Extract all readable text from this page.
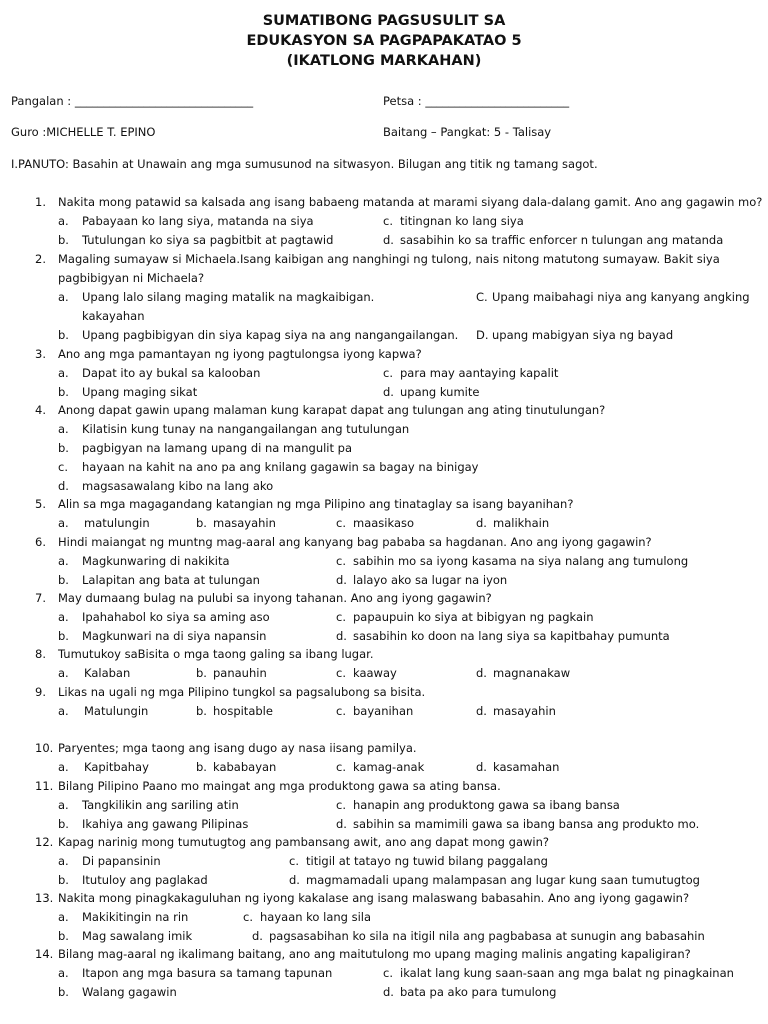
SUMATIBONG PAGSUSULIT SA
EDUKASYON SA PAGPAPAKATAO 5
(IKATLONG MARKAHAN)
Pangalan : _______________________________	Petsa : _________________________
Guro :MICHELLE T. EPINO	Baitang – Pangkat: 5 - Talisay
I.PANUTO: Basahin at Unawain ang mga sumusunod na sitwasyon. Bilugan ang titik ng tamang sagot.
1. Nakita mong patawid sa kalsada ang isang babaeng matanda at marami siyang dala-dalang gamit. Ano ang gagawin mo?
a. Pabayaan ko lang siya, matanda na siya	c. titingnan ko lang siya
b. Tutulungan ko siya sa pagbitbit at pagtawid	d. sasabihin ko sa traffic enforcer n tulungan ang matanda
2. Magaling sumayaw si Michaela.Isang kaibigan ang nanghingi ng tulong, nais nitong matutong sumayaw. Bakit siya
pagbibigyan ni Michaela?
a. Upang lalo silang maging matalik na magkaibigan.	C. Upang maibahagi niya ang kanyang angking
kakayahan
b. Upang pagbibigyan din siya kapag siya na ang nangangailangan. D. upang mabigyan siya ng bayad
3. Ano ang mga pamantayan ng iyong pagtulongsa iyong kapwa?
a. Dapat ito ay bukal sa kalooban	c. para may aantaying kapalit
b. Upang maging sikat	d. upang kumite
4. Anong dapat gawin upang malaman kung karapat dapat ang tulungan ang ating tinutulungan?
a. Kilatisin kung tunay na nangangailangan ang tutulungan
b. pagbigyan na lamang upang di na mangulit pa
c. hayaan na kahit na ano pa ang knilang gagawin sa bagay na binigay
d. magsasawalang kibo na lang ako
5. Alin sa mga magagandang katangian ng mga Pilipino ang tinataglay sa isang bayanihan?
a. matulungin	b. masayahin	c. maasikaso	d. malikhain
6. Hindi maiangat ng muntng mag-aaral ang kanyang bag pababa sa hagdanan. Ano ang iyong gagawin?
a. Magkunwaring di nakikita	c. sabihin mo sa iyong kasama na siya nalang ang tumulong
b. Lalapitan ang bata at tulungan	d. lalayo ako sa lugar na iyon
7. May dumaang bulag na pulubi sa inyong tahanan. Ano ang iyong gagawin?
a. Ipahahabol ko siya sa aming aso	c. papaupuin ko siya at bibigyan ng pagkain
b. Magkunwari na di siya napansin	d. sasabihin ko doon na lang siya sa kapitbahay pumunta
8. Tumutukoy saBisita o mga taong galing sa ibang lugar.
a. Kalaban	b. panauhin	c. kaaway	d. magnanakaw
9. Likas na ugali ng mga Pilipino tungkol sa pagsalubong sa bisita.
a. Matulungin	b. hospitable	c. bayanihan	d. masayahin
10. Paryentes; mga taong ang isang dugo ay nasa iisang pamilya.
a. Kapitbahay	b. kababayan	c. kamag-anak	d. kasamahan
11. Bilang Pilipino Paano mo maingat ang mga produktong gawa sa ating bansa.
a. Tangkilikin ang sariling atin	c. hanapin ang produktong gawa sa ibang bansa
b. Ikahiya ang gawang Pilipinas	d. sabihin sa mamimili gawa sa ibang bansa ang produkto mo.
12. Kapag narinig mong tumutugtog ang pambansang awit, ano ang dapat mong gawin?
a. Di papansinin	c. titigil at tatayo ng tuwid bilang paggalang
b. Itutuloy ang paglakad	d. magmamadali upang malampasan ang lugar kung saan tumutugtog
13. Nakita mong pinagkakaguluhan ng iyong kakalase ang isang malaswang babasahin. Ano ang iyong gagawin?
a. Makikitingin na rin	c. hayaan ko lang sila
b. Mag sawalang imik	d. pagsasabihan ko sila na itigil nila ang pagbabasa at sunugin ang babasahin
14. Bilang mag-aaral ng ikalimang baitang, ano ang maitutulong mo upang maging malinis angating kapaligiran?
a. Itapon ang mga basura sa tamang tapunan	c. ikalat lang kung saan-saan ang mga balat ng pinagkainan
b. Walang gagawin	d. bata pa ako para tumulong
